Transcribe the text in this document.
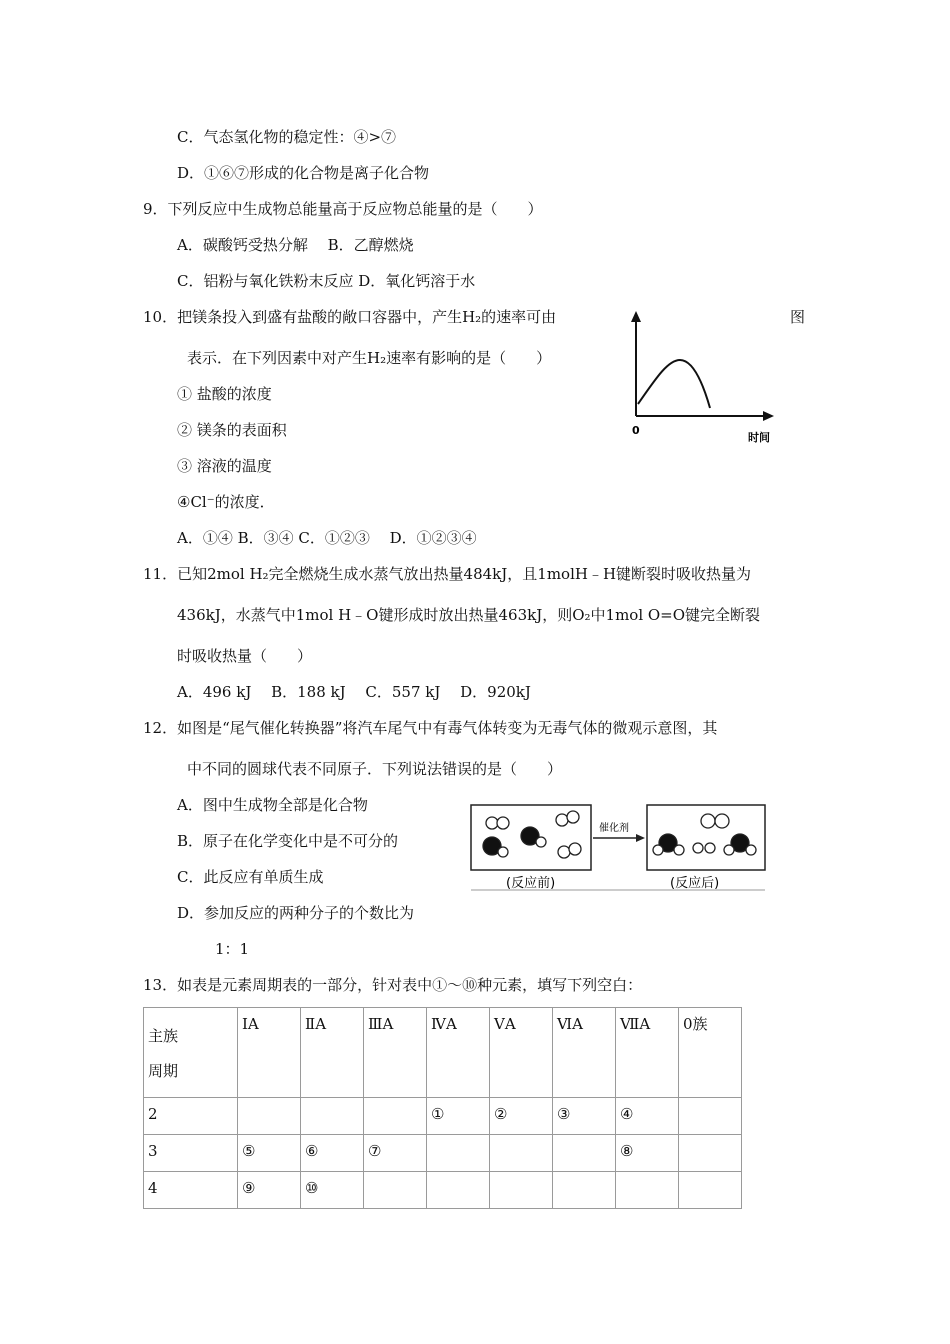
C．气态氢化物的稳定性：④>⑦
D．①⑥⑦形成的化合物是离子化合物
9．下列反应中生成物总能量高于反应物总能量的是（　　）
A．碳酸钙受热分解　 B．乙醇燃烧
C．铝粉与氧化铁粉末反应 D．氧化钙溶于水
10．把镁条投入到盛有盐酸的敞口容器中，产生H₂的速率可由	图
表示．在下列因素中对产生H₂速率有影响的是（　　）
① 盐酸的浓度
② 镁条的表面积
③ 溶液的温度
④Cl⁻的浓度．
A．①④ B．③④ C．①②③　 D．①②③④
0
时间
11．已知2mol H₂完全燃烧生成水蒸气放出热量484kJ，且1molH﹣H键断裂时吸收热量为
436kJ，水蒸气中1mol H﹣O键形成时放出热量463kJ，则O₂中1mol O=O键完全断裂
时吸收热量（　　）
A．496 kJ　 B．188 kJ　 C．557 kJ　 D．920kJ
12．如图是“尾气催化转换器”将汽车尾气中有毒气体转变为无毒气体的微观示意图，其
中不同的圆球代表不同原子．下列说法错误的是（　　）
A．图中生成物全部是化合物
B．原子在化学变化中是不可分的
C．此反应有单质生成
D．参加反应的两种分子的个数比为
1：1
催化剂
(反应前)	(反应后)
13．如表是元素周期表的一部分，针对表中①～⑩种元素，填写下列空白：
主族
周期	ⅠA	ⅡA	ⅢA	ⅣA	ⅤA	ⅥA	ⅦA	0族
2				①	②	③	④	
3	⑤	⑥	⑦				⑧	
4	⑨	⑩						
